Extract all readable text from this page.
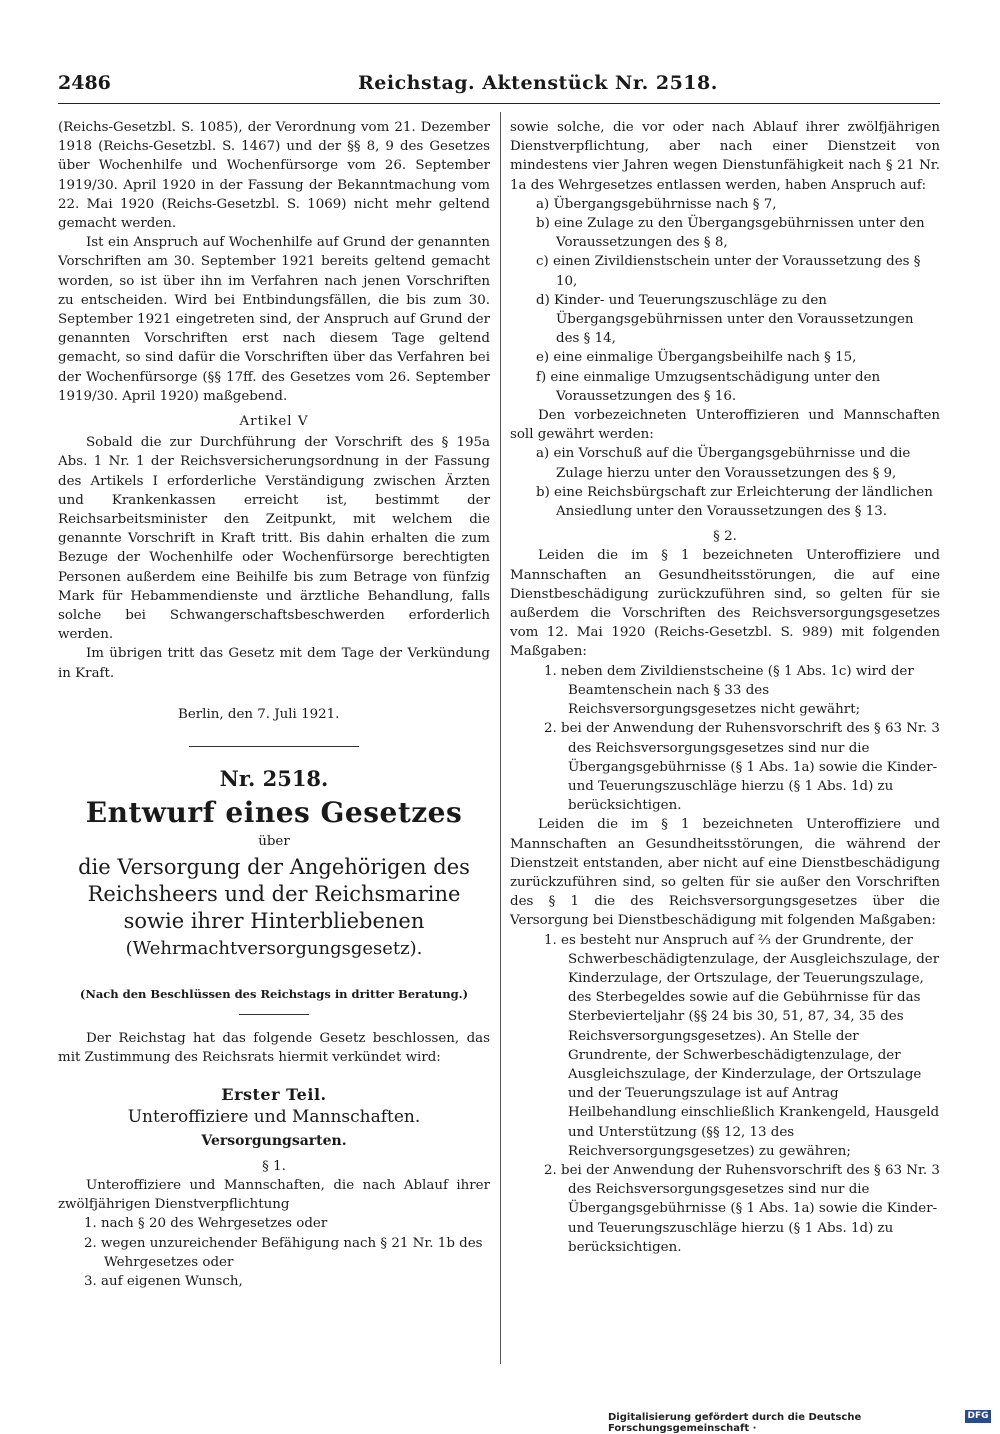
2486	Reichstag. Aktenstück Nr. 2518.

(Reichs-Gesetzbl. S. 1085), der Verordnung vom 21. Dezember 1918 (Reichs-Gesetzbl. S. 1467) und der §§ 8, 9 des Gesetzes über Wochenhilfe und Wochenfürsorge vom 26. September 1919/30. April 1920 in der Fassung der Bekanntmachung vom 22. Mai 1920 (Reichs-Gesetzbl. S. 1069) nicht mehr geltend gemacht werden.

Ist ein Anspruch auf Wochenhilfe auf Grund der genannten Vorschriften am 30. September 1921 bereits geltend gemacht worden, so ist über ihn im Verfahren nach jenen Vorschriften zu entscheiden. Wird bei Entbindungsfällen, die bis zum 30. September 1921 eingetreten sind, der Anspruch auf Grund der genannten Vorschriften erst nach diesem Tage geltend gemacht, so sind dafür die Vorschriften über das Verfahren bei der Wochenfürsorge (§§ 17ff. des Gesetzes vom 26. September 1919/30. April 1920) maßgebend.

Artikel V

Sobald die zur Durchführung der Vorschrift des § 195a Abs. 1 Nr. 1 der Reichsversicherungsordnung in der Fassung des Artikels I erforderliche Verständigung zwischen Ärzten und Krankenkassen erreicht ist, bestimmt der Reichsarbeitsminister den Zeitpunkt, mit welchem die genannte Vorschrift in Kraft tritt. Bis dahin erhalten die zum Bezuge der Wochenhilfe oder Wochenfürsorge berechtigten Personen außerdem eine Beihilfe bis zum Betrage von fünfzig Mark für Hebammendienste und ärztliche Behandlung, falls solche bei Schwangerschaftsbeschwerden erforderlich werden.

Im übrigen tritt das Gesetz mit dem Tage der Verkündung in Kraft.

Berlin, den 7. Juli 1921.

Nr. 2518.

Entwurf eines Gesetzes

über

die Versorgung der Angehörigen des Reichsheers und der Reichsmarine sowie ihrer Hinterbliebenen

(Wehrmachtversorgungsgesetz).

(Nach den Beschlüssen des Reichstags in dritter Beratung.)

Der Reichstag hat das folgende Gesetz beschlossen, das mit Zustimmung des Reichsrats hiermit verkündet wird:

Erster Teil.

Unteroffiziere und Mannschaften.

Versorgungsarten.

§ 1.

Unteroffiziere und Mannschaften, die nach Ablauf ihrer zwölfjährigen Dienstverpflichtung

1. nach § 20 des Wehrgesetzes oder

2. wegen unzureichender Befähigung nach § 21 Nr. 1b des Wehrgesetzes oder

3. auf eigenen Wunsch,

sowie solche, die vor oder nach Ablauf ihrer zwölfjährigen Dienstverpflichtung, aber nach einer Dienstzeit von mindestens vier Jahren wegen Dienstunfähigkeit nach § 21 Nr. 1a des Wehrgesetzes entlassen werden, haben Anspruch auf:

a) Übergangsgebührnisse nach § 7,

b) eine Zulage zu den Übergangsgebührnissen unter den Voraussetzungen des § 8,

c) einen Zivildienstschein unter der Voraussetzung des § 10,

d) Kinder- und Teuerungszuschläge zu den Übergangsgebührnissen unter den Voraussetzungen des § 14,

e) eine einmalige Übergangsbeihilfe nach § 15,

f) eine einmalige Umzugsentschädigung unter den Voraussetzungen des § 16.

Den vorbezeichneten Unteroffizieren und Mannschaften soll gewährt werden:

a) ein Vorschuß auf die Übergangsgebührnisse und die Zulage hierzu unter den Voraussetzungen des § 9,

b) eine Reichsbürgschaft zur Erleichterung der ländlichen Ansiedlung unter den Voraussetzungen des § 13.

§ 2.

Leiden die im § 1 bezeichneten Unteroffiziere und Mannschaften an Gesundheitsstörungen, die auf eine Dienstbeschädigung zurückzuführen sind, so gelten für sie außerdem die Vorschriften des Reichsversorgungsgesetzes vom 12. Mai 1920 (Reichs-Gesetzbl. S. 989) mit folgenden Maßgaben:

1. neben dem Zivildienstscheine (§ 1 Abs. 1c) wird der Beamtenschein nach § 33 des Reichsversorgungsgesetzes nicht gewährt;

2. bei der Anwendung der Ruhensvorschrift des § 63 Nr. 3 des Reichsversorgungsgesetzes sind nur die Übergangsgebührnisse (§ 1 Abs. 1a) sowie die Kinder- und Teuerungszuschläge hierzu (§ 1 Abs. 1d) zu berücksichtigen.

Leiden die im § 1 bezeichneten Unteroffiziere und Mannschaften an Gesundheitsstörungen, die während der Dienstzeit entstanden, aber nicht auf eine Dienstbeschädigung zurückzuführen sind, so gelten für sie außer den Vorschriften des § 1 die des Reichsversorgungsgesetzes über die Versorgung bei Dienstbeschädigung mit folgenden Maßgaben:

1. es besteht nur Anspruch auf ⅔ der Grundrente, der Schwerbeschädigtenzulage, der Ausgleichszulage, der Kinderzulage, der Ortszulage, der Teuerungszulage, des Sterbegeldes sowie auf die Gebührnisse für das Sterbevierteljahr (§§ 24 bis 30, 51, 87, 34, 35 des Reichsversorgungsgesetzes). An Stelle der Grundrente, der Schwerbeschädigtenzulage, der Ausgleichszulage, der Kinderzulage, der Ortszulage und der Teuerungszulage ist auf Antrag Heilbehandlung einschließlich Krankengeld, Hausgeld und Unterstützung (§§ 12, 13 des Reichversorgungsgesetzes) zu gewähren;

2. bei der Anwendung der Ruhensvorschrift des § 63 Nr. 3 des Reichsversorgungsgesetzes sind nur die Übergangsgebührnisse (§ 1 Abs. 1a) sowie die Kinder- und Teuerungszuschläge hierzu (§ 1 Abs. 1d) zu berücksichtigen.

Digitalisierung gefördert durch die Deutsche Forschungsgemeinschaft ·
DFG
